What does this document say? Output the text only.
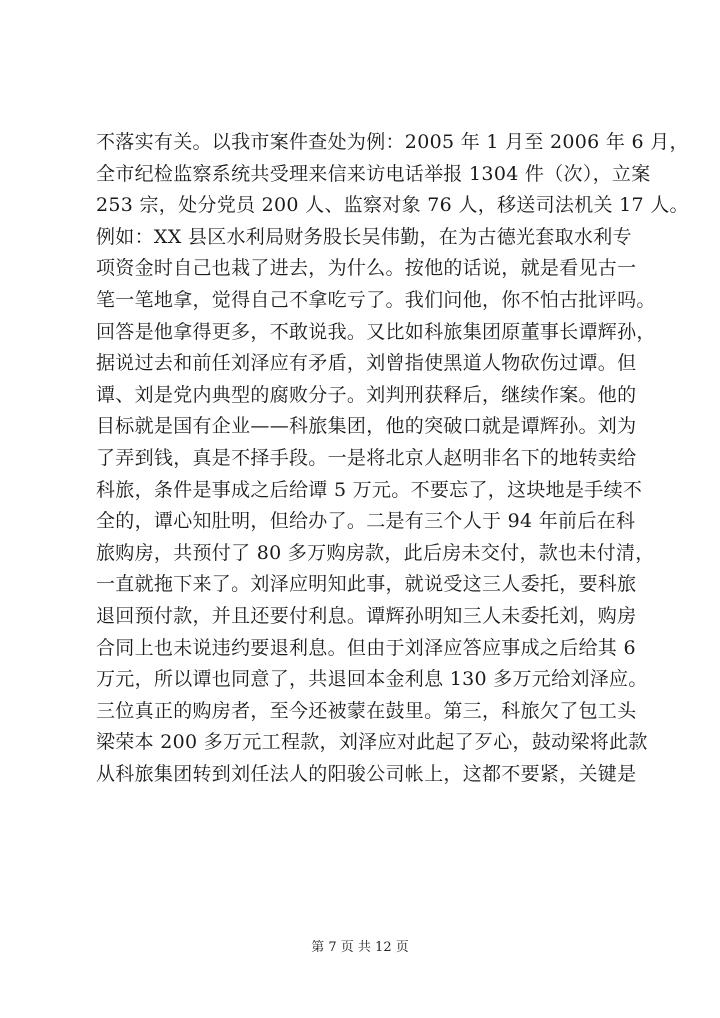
不落实有关。以我市案件查处为例：2005 年 1 月至 2006 年 6 月，
全市纪检监察系统共受理来信来访电话举报 1304 件（次），立案
253 宗，处分党员 200 人、监察对象 76 人，移送司法机关 17 人。
例如：XX 县区水利局财务股长吴伟勤，在为古德光套取水利专
项资金时自己也栽了进去，为什么。按他的话说，就是看见古一
笔一笔地拿，觉得自己不拿吃亏了。我们问他，你不怕古批评吗。
回答是他拿得更多，不敢说我。又比如科旅集团原董事长谭辉孙，
据说过去和前任刘泽应有矛盾，刘曾指使黑道人物砍伤过谭。但
谭、刘是党内典型的腐败分子。刘判刑获释后，继续作案。他的
目标就是国有企业——科旅集团，他的突破口就是谭辉孙。刘为
了弄到钱，真是不择手段。一是将北京人赵明非名下的地转卖给
科旅，条件是事成之后给谭 5 万元。不要忘了，这块地是手续不
全的，谭心知肚明，但给办了。二是有三个人于 94 年前后在科
旅购房，共预付了 80 多万购房款，此后房未交付，款也未付清，
一直就拖下来了。刘泽应明知此事，就说受这三人委托，要科旅
退回预付款，并且还要付利息。谭辉孙明知三人未委托刘，购房
合同上也未说违约要退利息。但由于刘泽应答应事成之后给其 6
万元，所以谭也同意了，共退回本金利息 130 多万元给刘泽应。
三位真正的购房者，至今还被蒙在鼓里。第三，科旅欠了包工头
梁荣本 200 多万元工程款，刘泽应对此起了歹心，鼓动梁将此款
从科旅集团转到刘任法人的阳骏公司帐上，这都不要紧，关键是
第 7 页 共 12 页
